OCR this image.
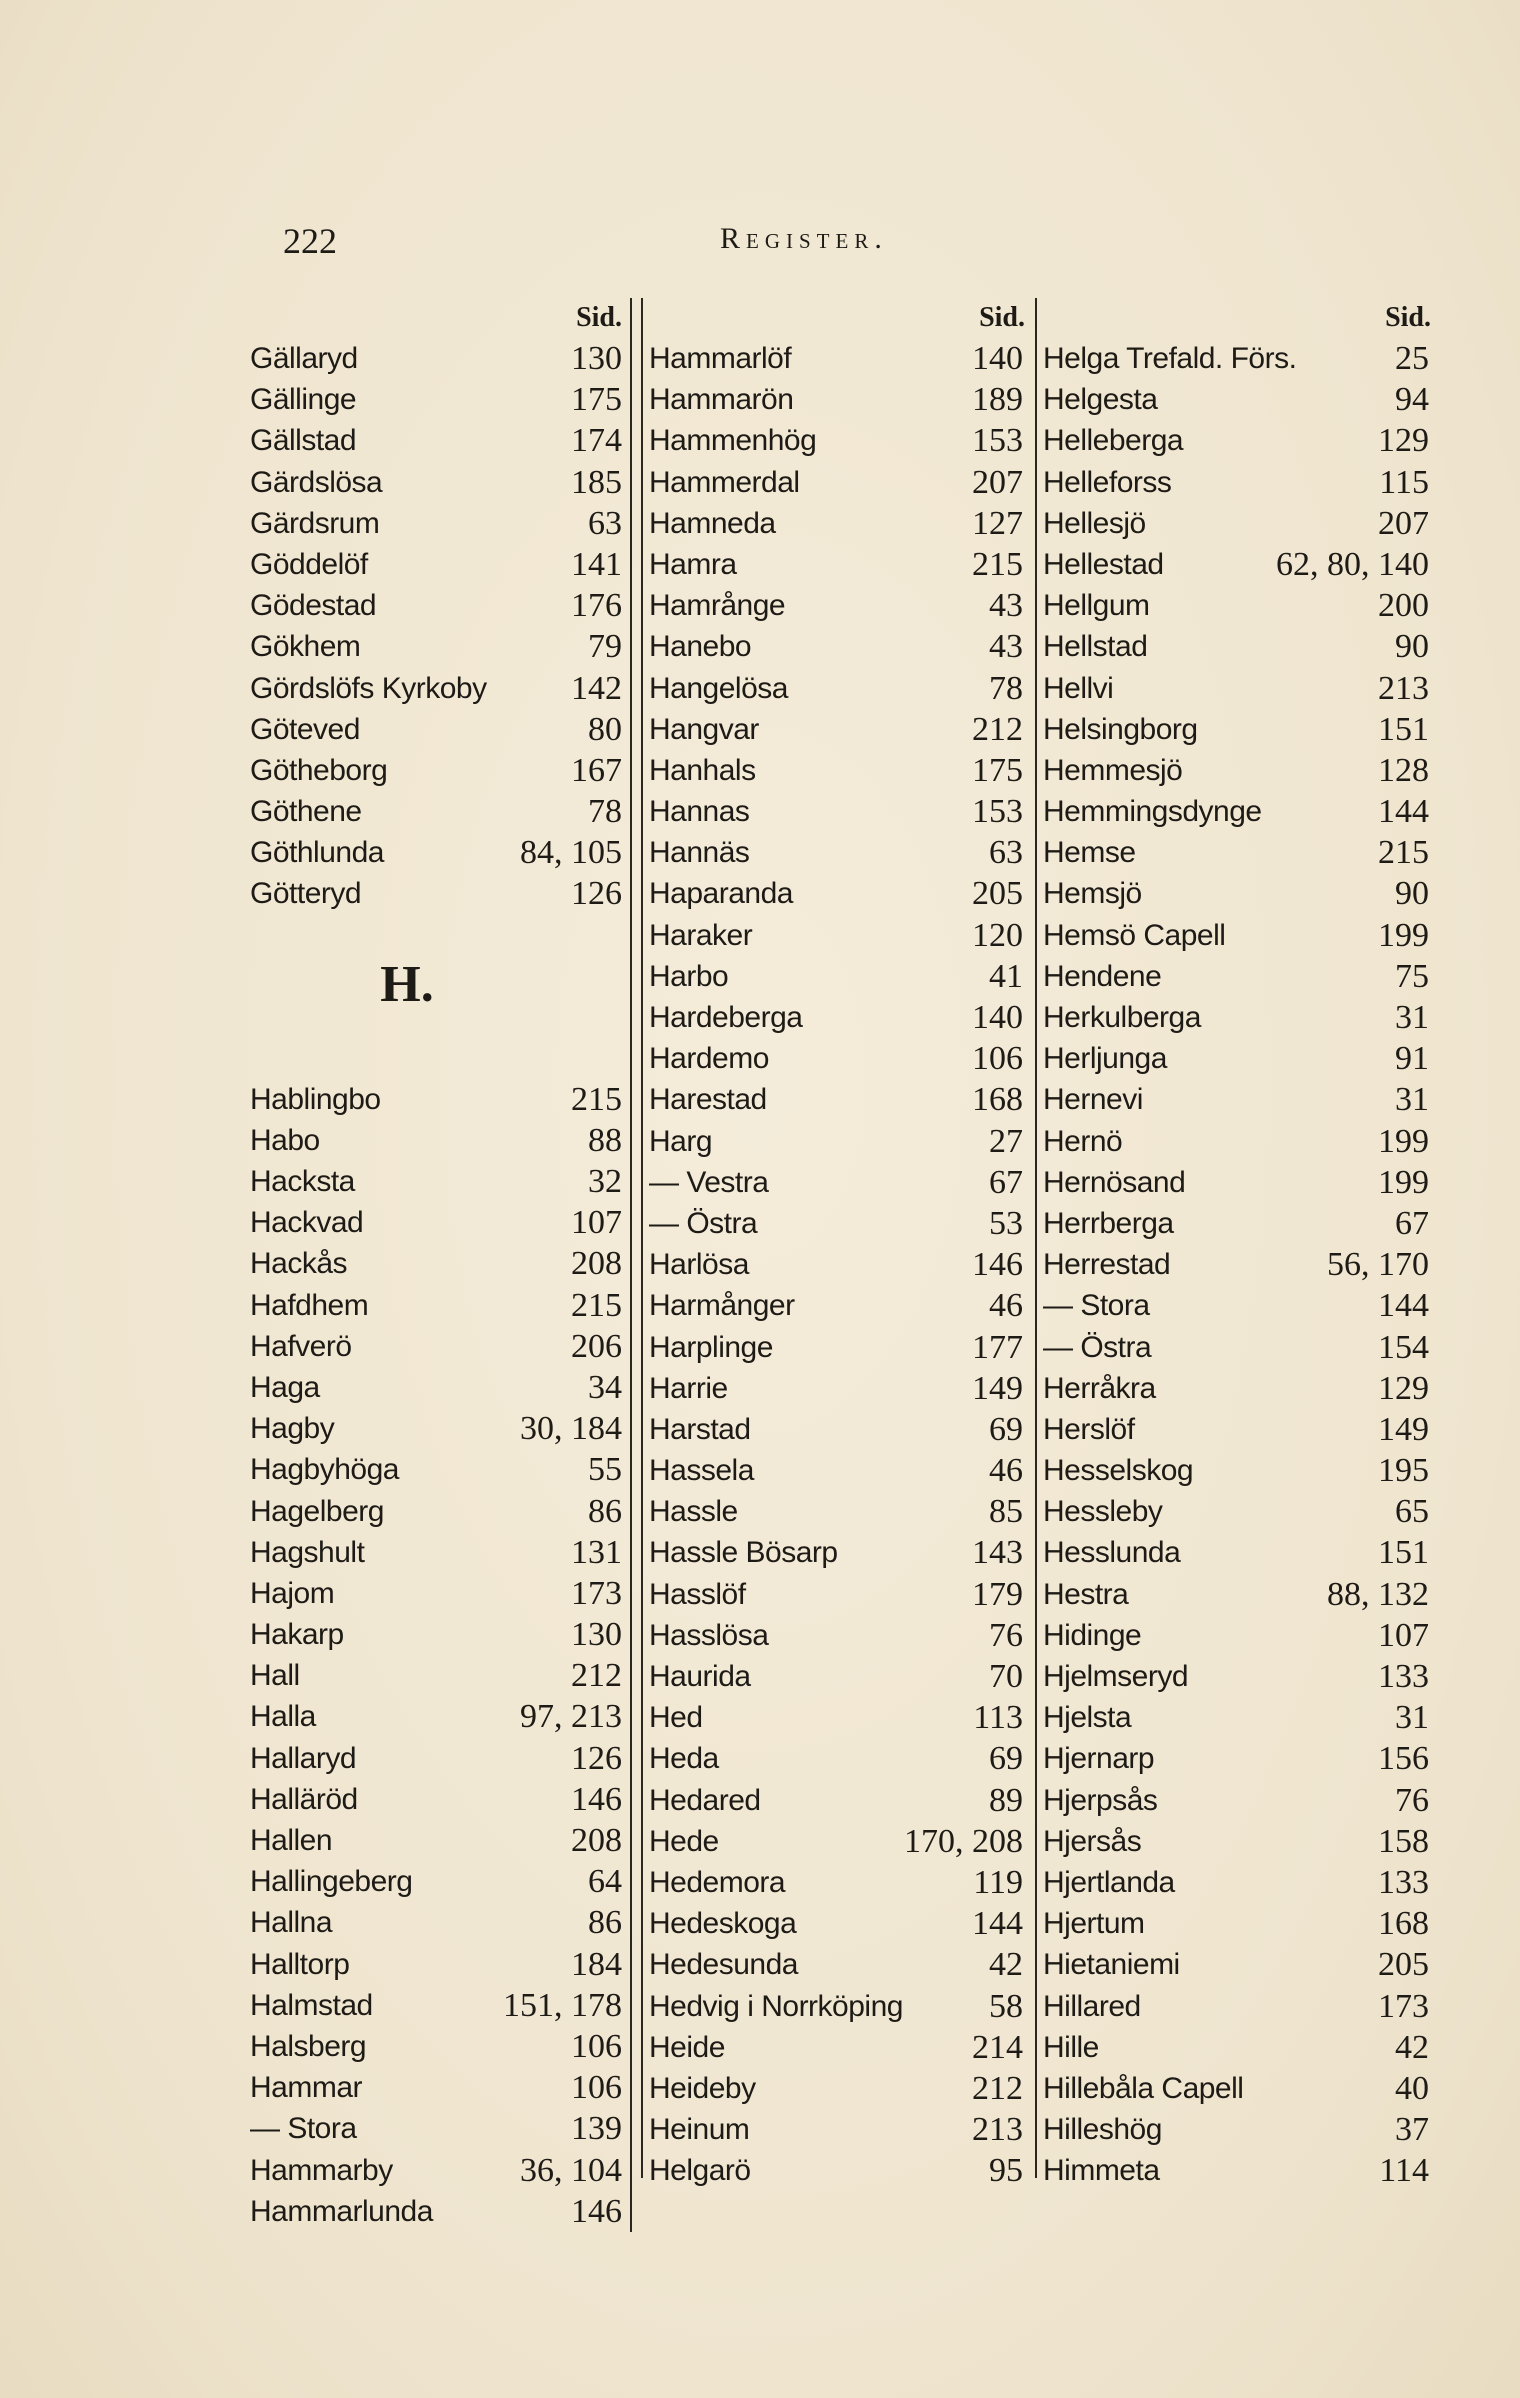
222	Register.
Sid.
Gällaryd	130
Gällinge	175
Gällstad	174
Gärdslösa	185
Gärdsrum	63
Göddelöf	141
Gödestad	176
Gökhem	79
Gördslöfs Kyrkoby 142
Göteved	80
Götheborg	167
Göthene	78
Göthlunda	84, 105
Götteryd	126
H.
Hablingbo	215
Habo	88
Hacksta	32
Hackvad	107
Hackås	208
Hafdhem	215
Hafverö	206
Haga	34
Hagby	30, 184
Hagbyhöga	55
Hagelberg	86
Hagshult	131
Hajom	173
Hakarp	130
Hall	212
Halla	97, 213
Hallaryd	126
Halläröd	146
Hallen	208
Hallingeberg	64
Hallna	86
Halltorp	184
Halmstad	151, 178
Halsberg	106
Hammar	106
— Stora	139
Hammarby	36, 104
Hammarlunda	146
Sid.
Hammarlöf	140
Hammarön	189
Hammenhög	153
Hammerdal	207
Hamneda	127
Hamra	215
Hamrånge	43
Hanebo	43
Hangelösa	78
Hangvar	212
Hanhals	175
Hannas	153
Hannäs	63
Haparanda	205
Haraker	120
Harbo	41
Hardeberga	140
Hardemo	106
Harestad	168
Harg	27
— Vestra	67
— Östra	53
Harlösa	146
Harmånger	46
Harplinge	177
Harrie	149
Harstad	69
Hassela	46
Hassle	85
Hassle Bösarp	143
Hasslöf	179
Hasslösa	76
Haurida	70
Hed	113
Heda	69
Hedared	89
Hede	170, 208
Hedemora	119
Hedeskoga	144
Hedesunda	42
Hedvig i Norrköping	58
Heide	214
Heideby	212
Heinum	213
Helgarö	95
Sid.
Helga Trefald. Förs.	25
Helgesta	94
Helleberga	129
Helleforss	115
Hellesjö	207
Hellestad	62, 80, 140
Hellgum	200
Hellstad	90
Hellvi	213
Helsingborg	151
Hemmesjö	128
Hemmingsdynge	144
Hemse	215
Hemsjö	90
Hemsö Capell	199
Hendene	75
Herkulberga	31
Herljunga	91
Hernevi	31
Hernö	199
Hernösand	199
Herrberga	67
Herrestad	56, 170
— Stora	144
— Östra	154
Herråkra	129
Herslöf	149
Hesselskog	195
Hessleby	65
Hesslunda	151
Hestra	88, 132
Hidinge	107
Hjelmseryd	133
Hjelsta	31
Hjernarp	156
Hjerpsås	76
Hjersås	158
Hjertlanda	133
Hjertum	168
Hietaniemi	205
Hillared	173
Hille	42
Hillebåla Capell	40
Hilleshög	37
Himmeta	114
